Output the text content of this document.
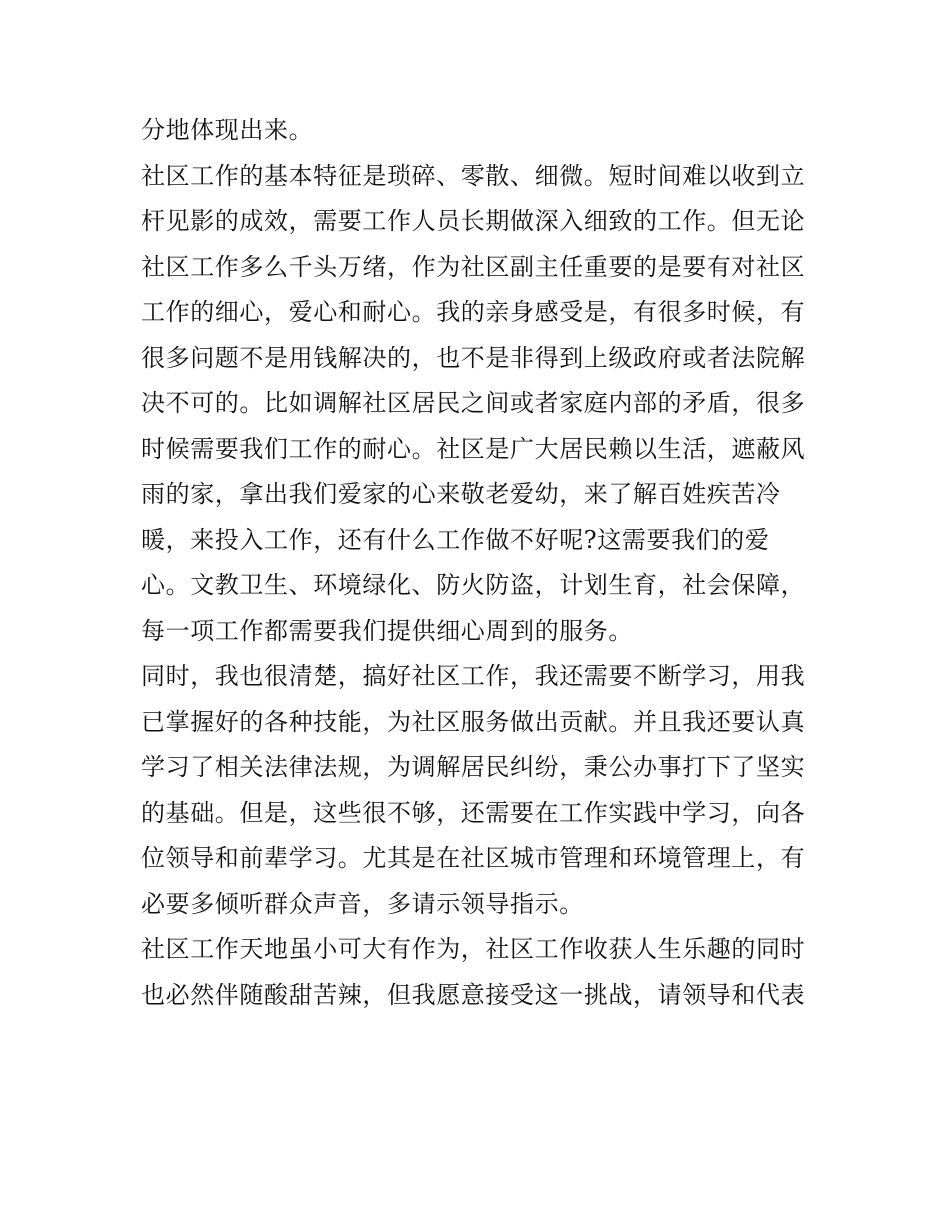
分地体现出来。
社区工作的基本特征是琐碎、零散、细微。短时间难以收到立
杆见影的成效，需要工作人员长期做深入细致的工作。但无论
社区工作多么千头万绪，作为社区副主任重要的是要有对社区
工作的细心，爱心和耐心。我的亲身感受是，有很多时候，有
很多问题不是用钱解决的，也不是非得到上级政府或者法院解
决不可的。比如调解社区居民之间或者家庭内部的矛盾，很多
时候需要我们工作的耐心。社区是广大居民赖以生活，遮蔽风
雨的家，拿出我们爱家的心来敬老爱幼，来了解百姓疾苦冷
暖，来投入工作，还有什么工作做不好呢?这需要我们的爱
心。文教卫生、环境绿化、防火防盗，计划生育，社会保障，
每一项工作都需要我们提供细心周到的服务。
同时，我也很清楚，搞好社区工作，我还需要不断学习，用我
已掌握好的各种技能，为社区服务做出贡献。并且我还要认真
学习了相关法律法规，为调解居民纠纷，秉公办事打下了坚实
的基础。但是，这些很不够，还需要在工作实践中学习，向各
位领导和前辈学习。尤其是在社区城市管理和环境管理上，有
必要多倾听群众声音，多请示领导指示。
社区工作天地虽小可大有作为，社区工作收获人生乐趣的同时
也必然伴随酸甜苦辣，但我愿意接受这一挑战，请领导和代表
